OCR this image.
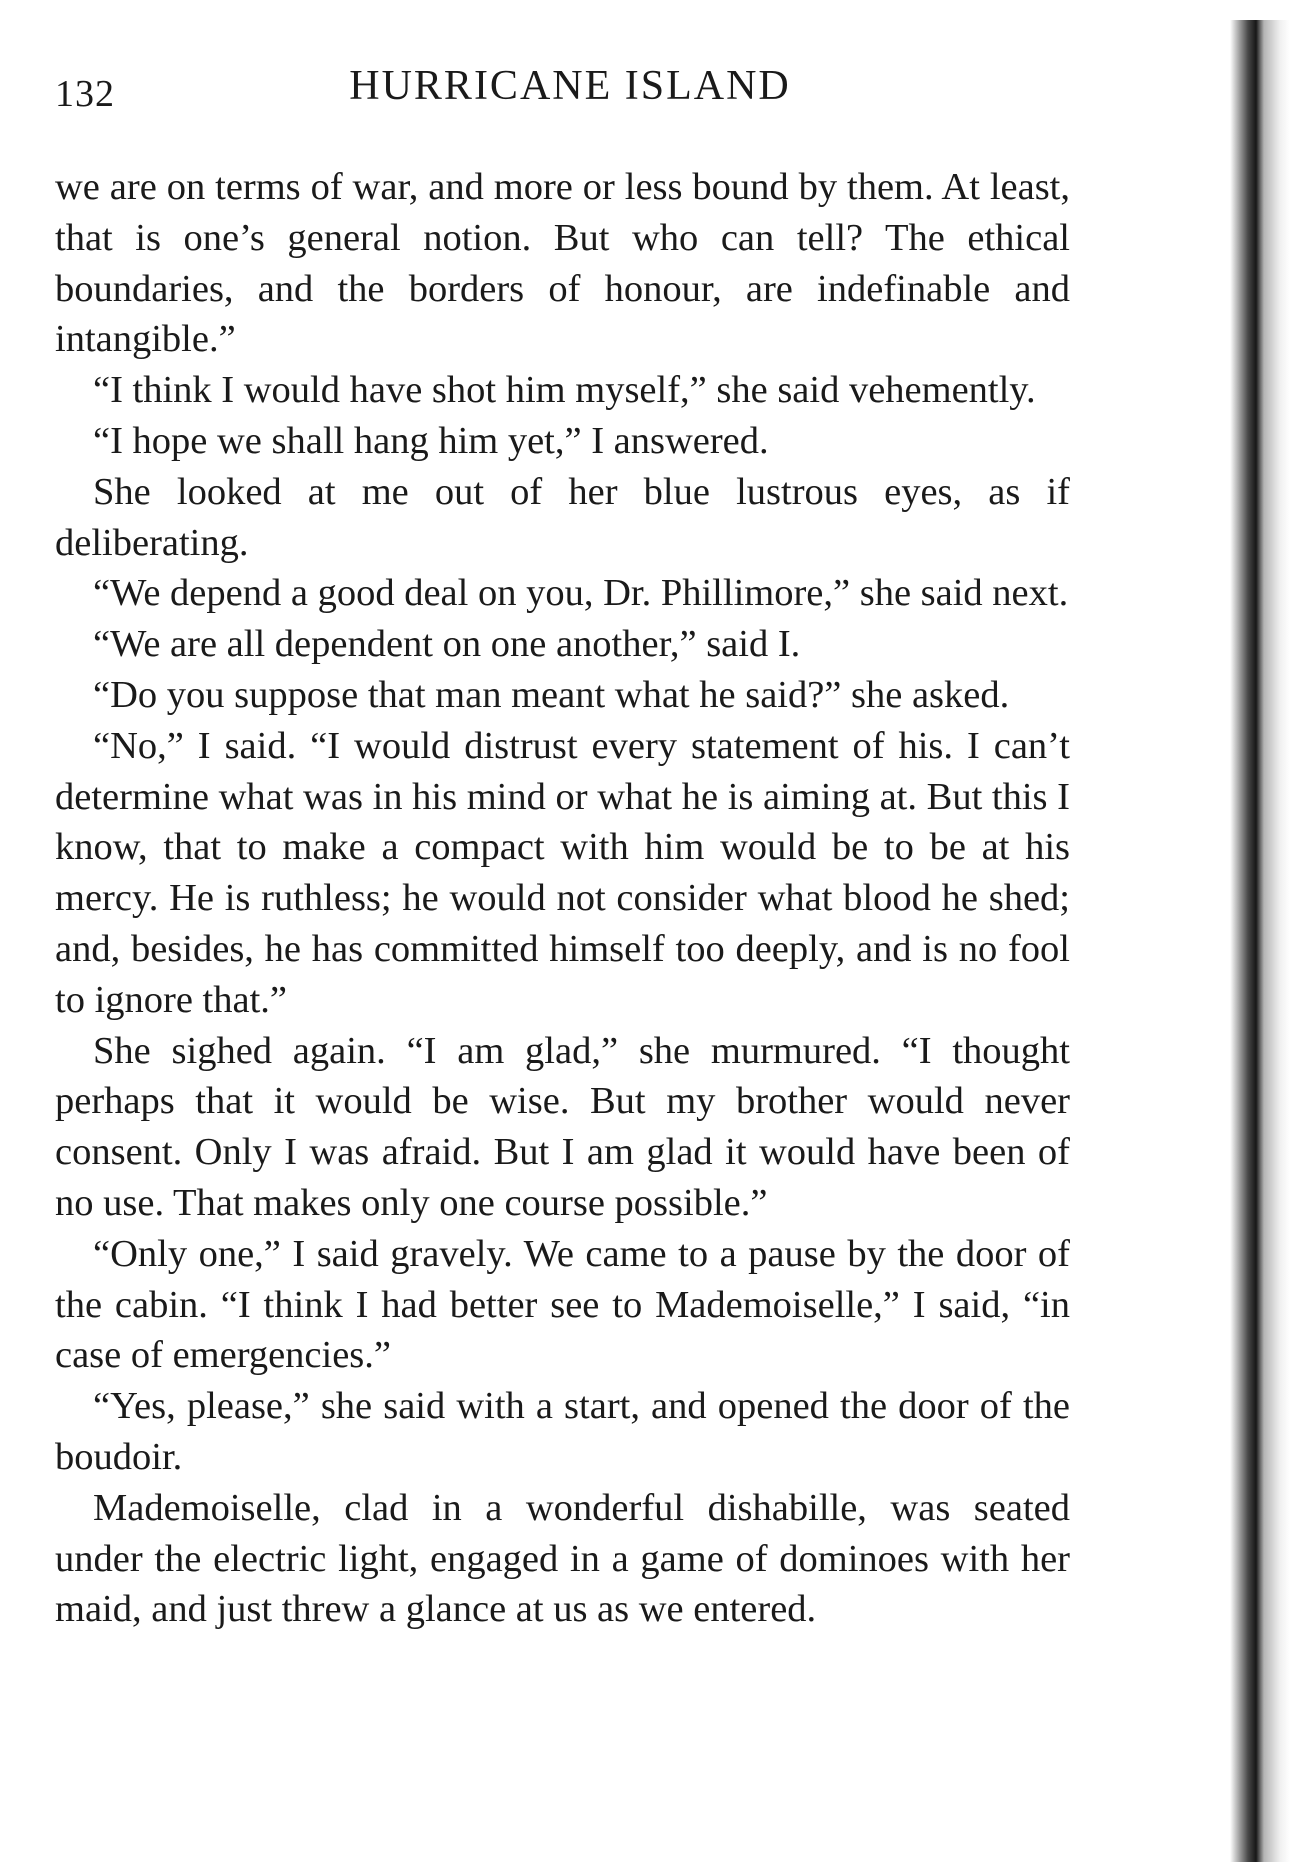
132	HURRICANE ISLAND

we are on terms of war, and more or less bound by them. At least, that is one’s general notion. But who can tell? The ethical boundaries, and the borders of honour, are indefinable and intangible.”

“I think I would have shot him myself,” she said vehemently.

“I hope we shall hang him yet,” I answered.

She looked at me out of her blue lustrous eyes, as if deliberating.

“We depend a good deal on you, Dr. Phillimore,” she said next.

“We are all dependent on one another,” said I.

“Do you suppose that man meant what he said?” she asked.

“No,” I said. “I would distrust every statement of his. I can’t determine what was in his mind or what he is aiming at. But this I know, that to make a compact with him would be to be at his mercy. He is ruthless; he would not consider what blood he shed; and, besides, he has committed himself too deeply, and is no fool to ignore that.”

She sighed again. “I am glad,” she murmured. “I thought perhaps that it would be wise. But my brother would never consent. Only I was afraid. But I am glad it would have been of no use. That makes only one course possible.”

“Only one,” I said gravely. We came to a pause by the door of the cabin. “I think I had better see to Mademoiselle,” I said, “in case of emergencies.”

“Yes, please,” she said with a start, and opened the door of the boudoir.

Mademoiselle, clad in a wonderful dishabille, was seated under the electric light, engaged in a game of dominoes with her maid, and just threw a glance at us as we entered.
